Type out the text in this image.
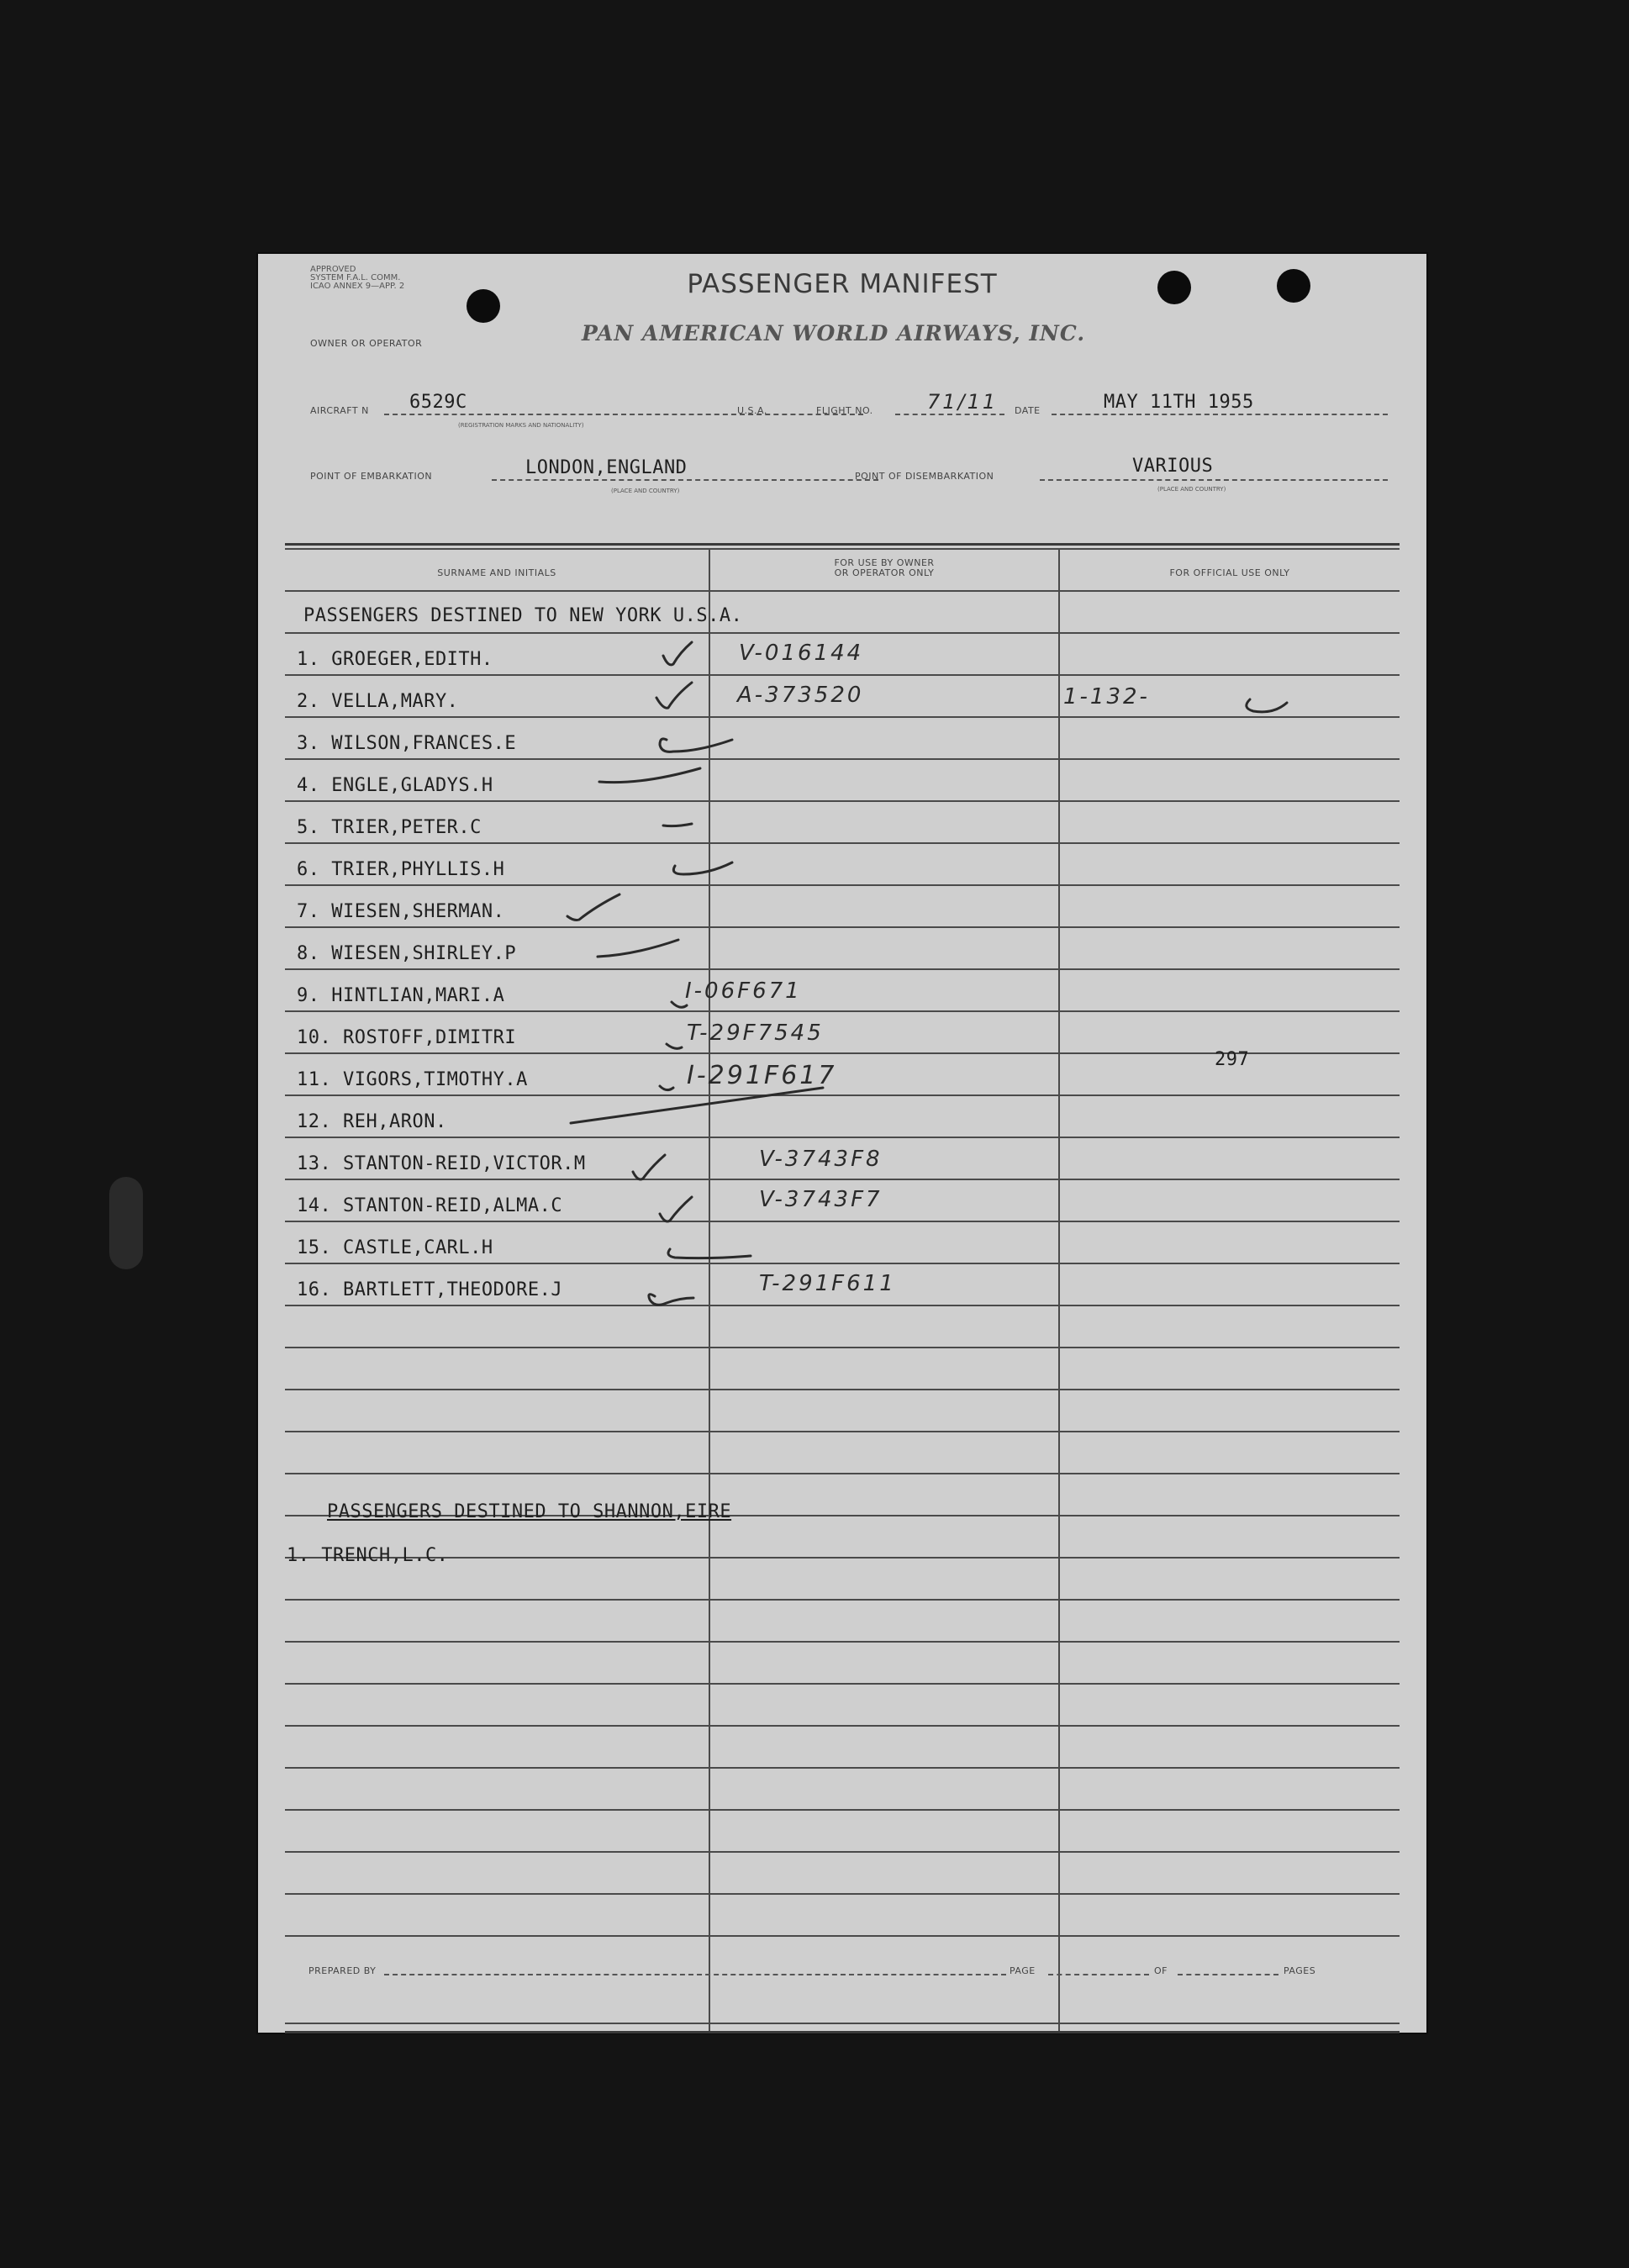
APPROVED
SYSTEM F.A.L. COMM.
ICAO ANNEX 9—APP. 2	PASSENGER MANIFEST
OWNER OR OPERATOR	PAN AMERICAN WORLD AIRWAYS, INC.
AIRCRAFT N 6529C
(REGISTRATION MARKS AND NATIONALITY)
U.S.A.	FLIGHT NO.	71/11 DATE	MAY 11TH 1955
POINT OF EMBARKATION	LONDON,ENGLAND
(PLACE AND COUNTRY)
POINT OF DISEMBARKATION	VARIOUS
(PLACE AND COUNTRY)
SURNAME AND INITIALS
FOR USE BY OWNER
OR OPERATOR ONLY	FOR OFFICIAL USE ONLY
PASSENGERS DESTINED TO NEW YORK U.S.A.
1. GROEGER,EDITH.	V-016144
2. VELLA,MARY.	A-373520	1-132-
3. WILSON,FRANCES.E
4. ENGLE,GLADYS.H
5. TRIER,PETER.C
6. TRIER,PHYLLIS.H
7. WIESEN,SHERMAN.
8. WIESEN,SHIRLEY.P
9. HINTLIAN,MARI.A	I-06F671
10. ROSTOFF,DIMITRI	T-29F7545
11. VIGORS,TIMOTHY.A	I-291F617
297
12. REH,ARON.
13. STANTON-REID,VICTOR.M	V-3743F8
14. STANTON-REID,ALMA.C	V-3743F7
15. CASTLE,CARL.H
16. BARTLETT,THEODORE.J	T-291F611
PASSENGERS DESTINED TO SHANNON,EIRE
1. TRENCH,L.C.
PREPARED BY	PAGE	OF	PAGES
